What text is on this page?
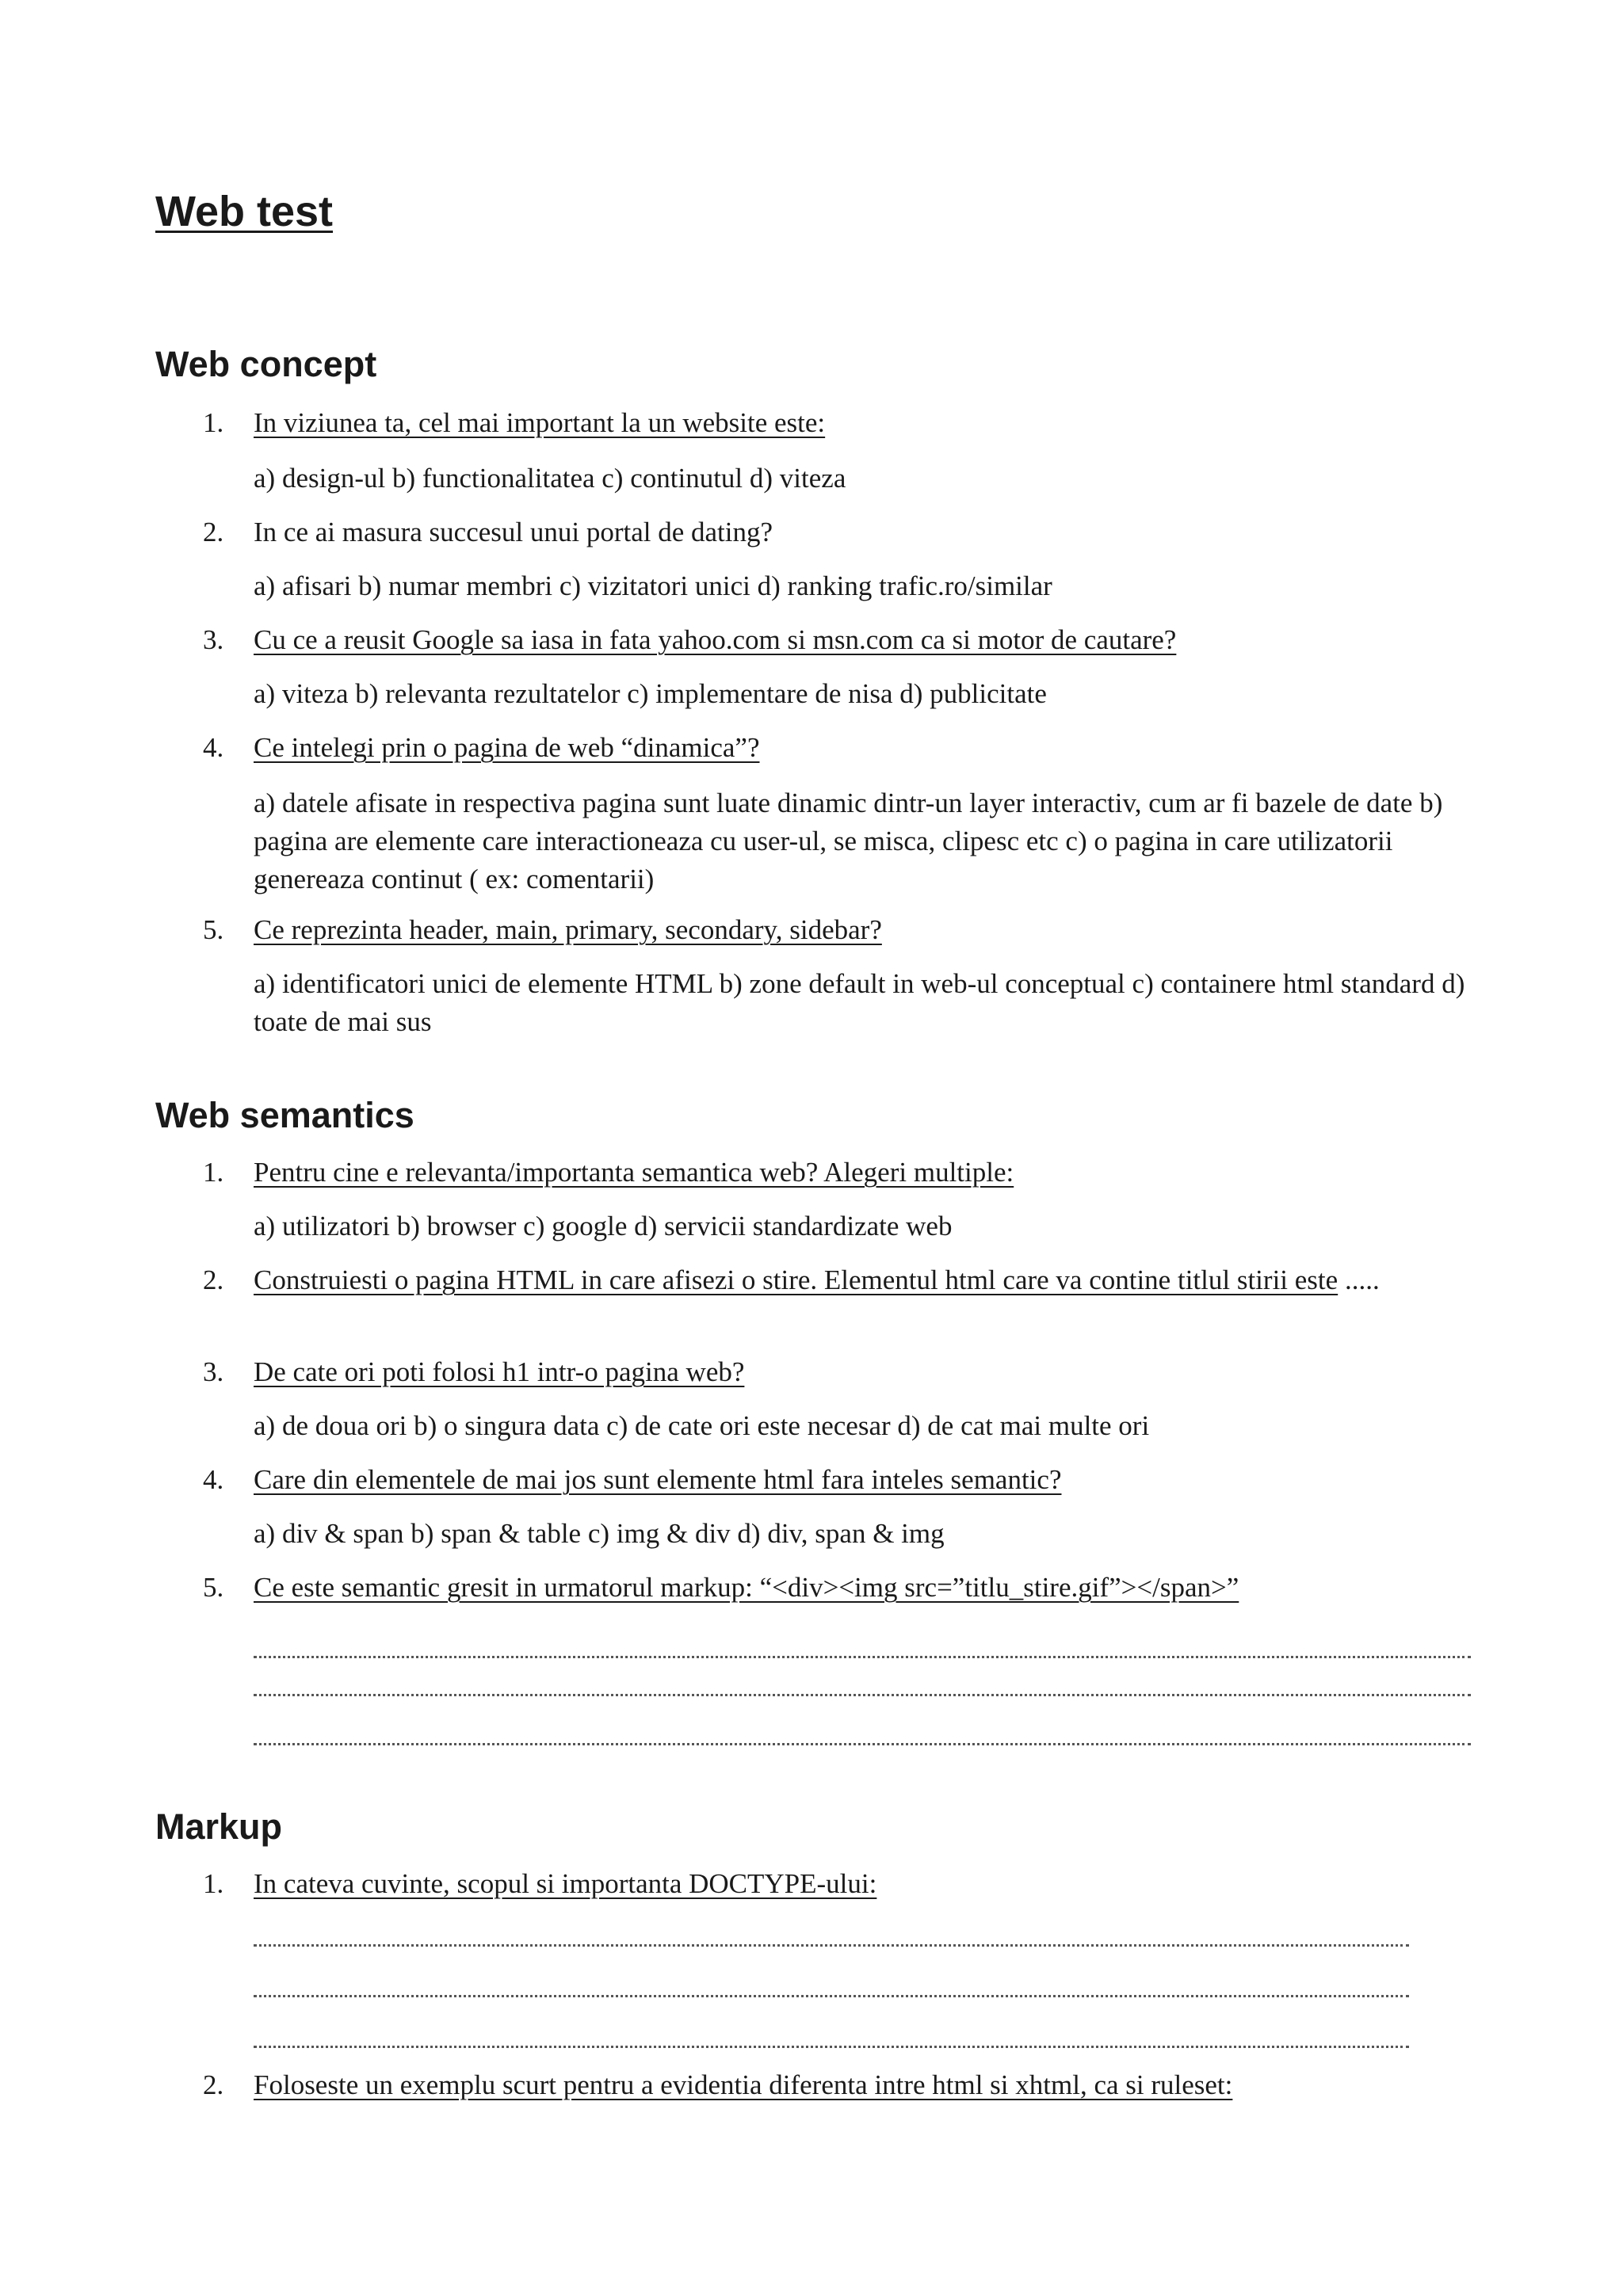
Web test
Web concept
1.	In viziunea ta, cel mai important la un website este:
a) design-ul b) functionalitatea c) continutul d) viteza
2.	In ce ai masura succesul unui portal de dating?
a) afisari b) numar membri c) vizitatori unici d) ranking trafic.ro/similar
3.	Cu ce a reusit Google sa iasa in fata yahoo.com si msn.com ca si motor de cautare?
a) viteza b) relevanta rezultatelor c) implementare de nisa d) publicitate
4.	Ce intelegi prin o pagina de web “dinamica”?
a) datele afisate in respectiva pagina sunt luate dinamic dintr-un layer interactiv, cum ar fi bazele de date b) pagina are elemente care interactioneaza cu user-ul, se misca, clipesc etc c) o pagina in care utilizatorii genereaza continut ( ex: comentarii)
5.	Ce reprezinta header, main, primary, secondary, sidebar?
a) identificatori unici de elemente HTML b) zone default in web-ul conceptual c) containere html standard d) toate de mai sus
Web semantics
1.	Pentru cine e relevanta/importanta semantica web? Alegeri multiple:
a) utilizatori b) browser c) google d) servicii standardizate web
2.	Construiesti o pagina HTML in care afisezi o stire. Elementul html care va contine titlul stirii este .....
3.	De cate ori poti folosi h1 intr-o pagina web?
a) de doua ori b) o singura data c) de cate ori este necesar d) de cat mai multe ori
4.	Care din elementele de mai jos sunt elemente html fara inteles semantic?
a) div & span b) span & table c) img & div d) div, span & img
5.	Ce este semantic gresit in urmatorul markup: “<div><img src=”titlu_stire.gif”></span>”
Markup
1.	In cateva cuvinte, scopul si importanta DOCTYPE-ului:
2.	Foloseste un exemplu scurt pentru a evidentia diferenta intre html si xhtml, ca si ruleset:
